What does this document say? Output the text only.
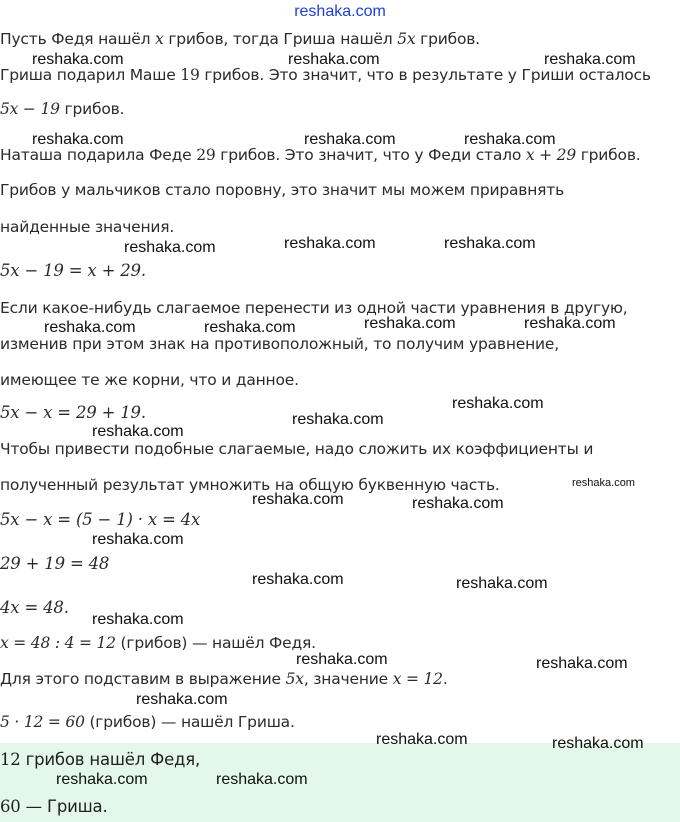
reshaka.com
Пусть Федя нашёл x грибов, тогда Гриша нашёл 5x грибов.
Гриша подарил Маше 19 грибов. Это значит, что в результате у Гриши осталось
5x − 19 грибов.
Наташа подарила Феде 29 грибов. Это значит, что у Феди стало x + 29 грибов.
Грибов у мальчиков стало поровну, это значит мы можем приравнять
найденные значения.
5x − 19 = x + 29.
Если какое-нибудь слагаемое перенести из одной части уравнения в другую,
изменив при этом знак на противоположный, то получим уравнение,
имеющее те же корни, что и данное.
5x − x = 29 + 19.
Чтобы привести подобные слагаемые, надо сложить их коэффициенты и
полученный результат умножить на общую буквенную часть.
5x − x = (5 − 1) · x = 4x
29 + 19 = 48
4x = 48.
x = 48 : 4 = 12 (грибов) — нашёл Федя.
Для этого подставим в выражение 5x, значение x = 12.
5 · 12 = 60 (грибов) — нашёл Гриша.
12 грибов нашёл Федя,
60 — Гриша.
reshaka.com	reshaka.com	reshaka.com
reshaka.com	reshaka.com	reshaka.com
reshaka.com	reshaka.com	reshaka.com
reshaka.com	reshaka.com	reshaka.com	reshaka.com
reshaka.com
reshaka.com
reshaka.com
reshaka.com
reshaka.com	reshaka.com
reshaka.com
reshaka.com	reshaka.com
reshaka.com
reshaka.com	reshaka.com
reshaka.com
reshaka.com	reshaka.com
reshaka.com	reshaka.com
